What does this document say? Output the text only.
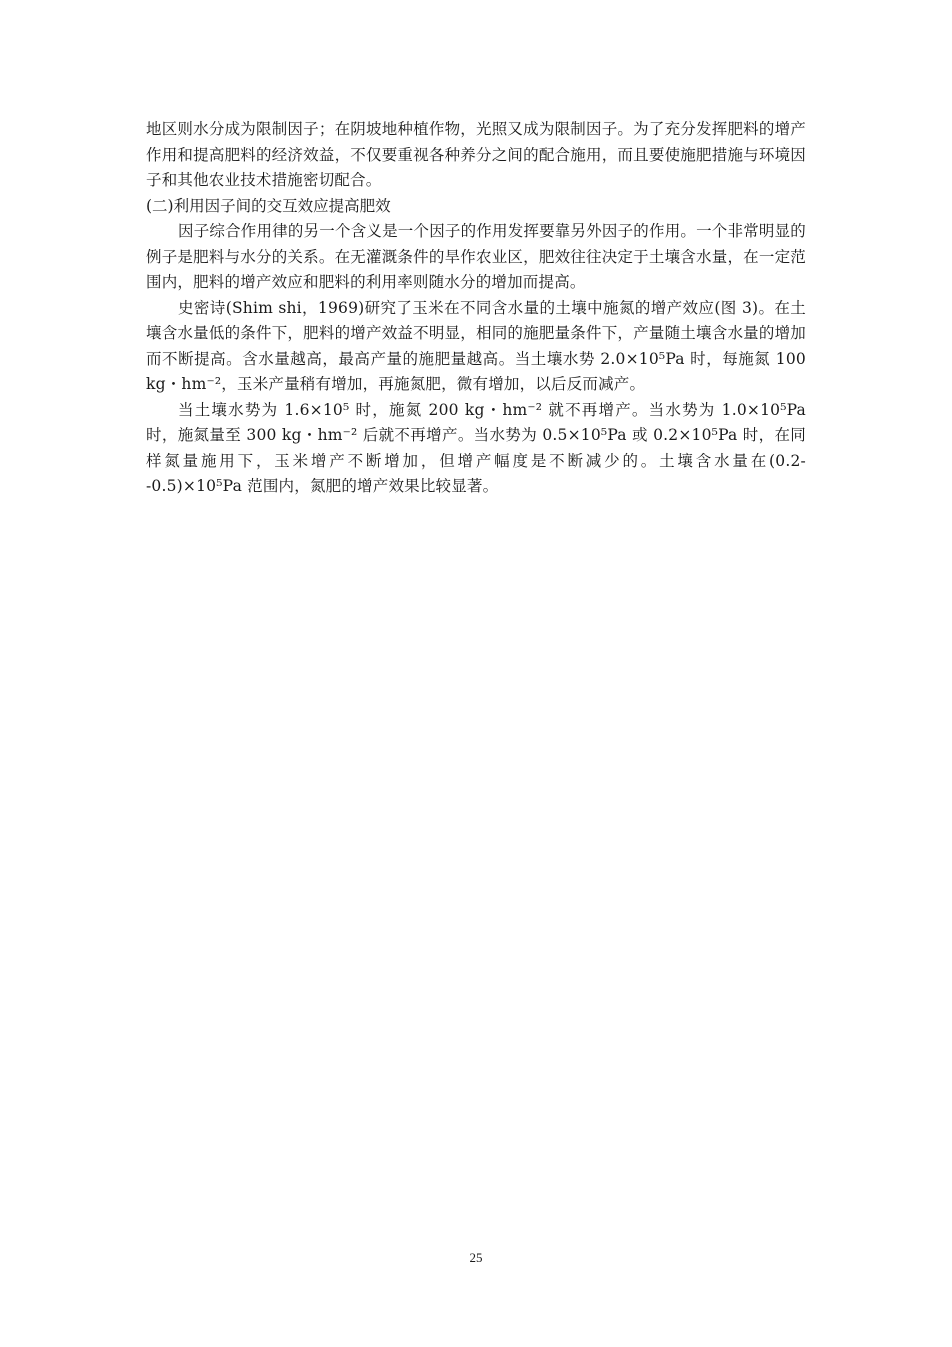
地区则水分成为限制因子；在阴坡地种植作物，光照又成为限制因子。为了充分发挥肥料的增产作用和提高肥料的经济效益，不仅要重视各种养分之间的配合施用，而且要使施肥措施与环境因子和其他农业技术措施密切配合。

(二)利用因子间的交互效应提高肥效

因子综合作用律的另一个含义是一个因子的作用发挥要靠另外因子的作用。一个非常明显的例子是肥料与水分的关系。在无灌溉条件的旱作农业区，肥效往往决定于土壤含水量，在一定范围内，肥料的增产效应和肥料的利用率则随水分的增加而提高。

史密诗(Shim shi，1969)研究了玉米在不同含水量的土壤中施氮的增产效应(图 3)。在土壤含水量低的条件下，肥料的增产效益不明显，相同的施肥量条件下，产量随土壤含水量的增加而不断提高。含水量越高，最高产量的施肥量越高。当土壤水势 2.0×10⁵Pa 时，每施氮 100 kg・hm⁻²，玉米产量稍有增加，再施氮肥，微有增加，以后反而减产。

当土壤水势为 1.6×10⁵ 时，施氮 200 kg・hm⁻² 就不再增产。当水势为 1.0×10⁵Pa 时，施氮量至 300 kg・hm⁻² 后就不再增产。当水势为 0.5×10⁵Pa 或 0.2×10⁵Pa 时，在同样氮量施用下，玉米增产不断增加，但增产幅度是不断减少的。土壤含水量在(0.2--0.5)×10⁵Pa 范围内，氮肥的增产效果比较显著。

25
